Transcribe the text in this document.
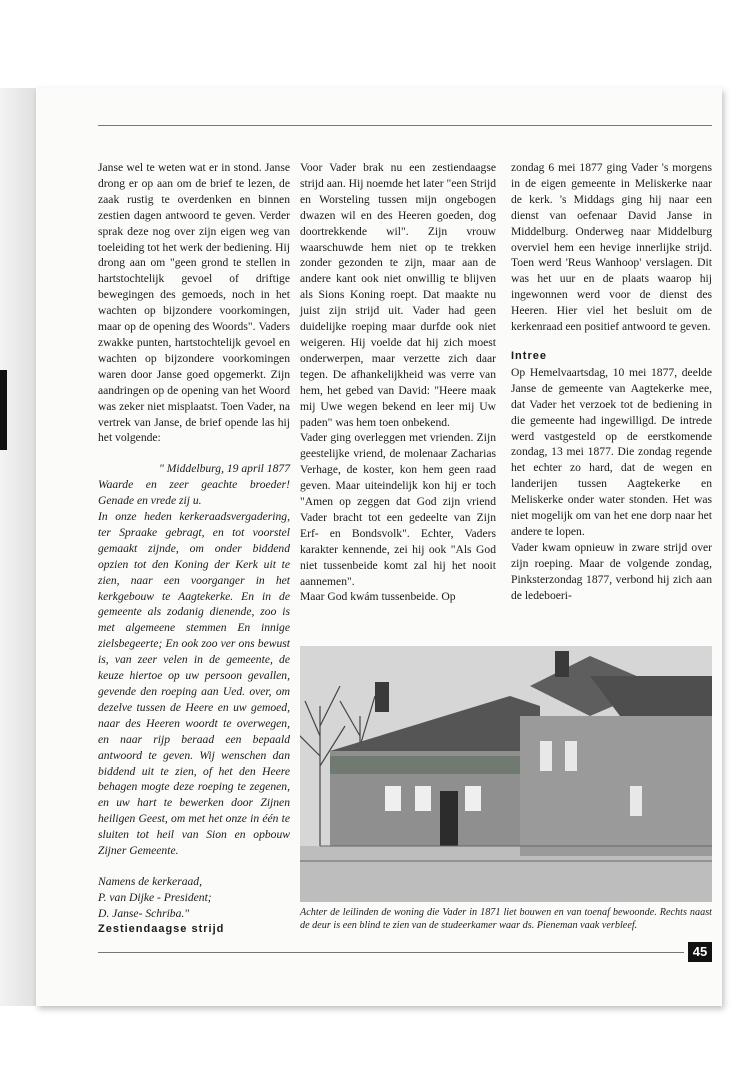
Janse wel te weten wat er in stond. Janse drong er op aan om de brief te lezen, de zaak rustig te overdenken en binnen zestien dagen antwoord te geven. Verder sprak deze nog over zijn eigen weg van toeleiding tot het werk der bediening. Hij drong aan om "geen grond te stellen in hartstochtelijk gevoel of driftige bewegingen des gemoeds, noch in het wachten op bijzondere voorkomingen, maar op de opening des Woords". Vaders zwakke punten, hartstochtelijk gevoel en wachten op bijzondere voorkomingen waren door Janse goed opgemerkt. Zijn aandringen op de opening van het Woord was zeker niet misplaatst. Toen Vader, na vertrek van Janse, de brief opende las hij het volgende:

" Middelburg, 19 april 1877

Waarde en zeer geachte broeder! Genade en vrede zij u.

In onze heden kerkeraadsvergadering, ter Spraake gebragt, en tot voorstel gemaakt zijnde, om onder biddend opzien tot den Koning der Kerk uit te zien, naar een voorganger in het kerkgebouw te Aagtekerke. En in de gemeente als zodanig dienende, zoo is met algemeene stemmen En innige zielsbegeerte; En ook zoo ver ons bewust is, van zeer velen in de gemeente, de keuze hiertoe op uw persoon gevallen, gevende den roeping aan Ued. over, om dezelve tussen de Heere en uw gemoed, naar des Heeren woordt te overwegen, en naar rijp beraad een bepaald antwoord te geven. Wij wenschen dan biddend uit te zien, of het den Heere behagen mogte deze roeping te zegenen, en uw hart te bewerken door Zijnen heiligen Geest, om met het onze in één te sluiten tot heil van Sion en opbouw Zijner Gemeente.

Namens de kerkeraad,

P. van Dijke - President;

D. Janse- Schriba."

Zestiendaagse strijd

Voor Vader brak nu een zestiendaagse strijd aan. Hij noemde het later "een Strijd en Worsteling tussen mijn ongebogen dwazen wil en des Heeren goeden, dog doortrekkende wil". Zijn vrouw waarschuwde hem niet op te trekken zonder gezonden te zijn, maar aan de andere kant ook niet onwillig te blijven als Sions Koning roept. Dat maakte nu juist zijn strijd uit. Vader had geen duidelijke roeping maar durfde ook niet weigeren. Hij voelde dat hij zich moest onderwerpen, maar verzette zich daar tegen. De afhankelijkheid was verre van hem, het gebed van David: "Heere maak mij Uwe wegen bekend en leer mij Uw paden" was hem toen onbekend.

Vader ging overleggen met vrienden. Zijn geestelijke vriend, de molenaar Zacharias Verhage, de koster, kon hem geen raad geven. Maar uiteindelijk kon hij er toch "Amen op zeggen dat God zijn vriend Vader bracht tot een gedeelte van Zijn Erf- en Bondsvolk". Echter, Vaders karakter kennende, zei hij ook "Als God niet tussenbeide komt zal hij het nooit aannemen".

Maar God kwám tussenbeide. Op

zondag 6 mei 1877 ging Vader 's morgens in de eigen gemeente in Meliskerke naar de kerk. 's Middags ging hij naar een dienst van oefenaar David Janse in Middelburg. Onderweg naar Middelburg overviel hem een hevige innerlijke strijd. Toen werd 'Reus Wanhoop' verslagen. Dit was het uur en de plaats waarop hij ingewonnen werd voor de dienst des Heeren. Hier viel het besluit om de kerkenraad een positief antwoord te geven.

Intree

Op Hemelvaartsdag, 10 mei 1877, deelde Janse de gemeente van Aagtekerke mee, dat Vader het verzoek tot de bediening in die gemeente had ingewilligd. De intrede werd vastgesteld op de eerstkomende zondag, 13 mei 1877. Die zondag regende het echter zo hard, dat de wegen en landerijen tussen Aagtekerke en Meliskerke onder water stonden. Het was niet mogelijk om van het ene dorp naar het andere te lopen.

Vader kwam opnieuw in zware strijd over zijn roeping. Maar de volgende zondag, Pinksterzondag 1877, verbond hij zich aan de ledeboeri-

Achter de leilinden de woning die Vader in 1871 liet bouwen en van toenaf bewoonde. Rechts naast de deur is een blind te zien van de studeerkamer waar ds. Pieneman vaak verbleef.
45
